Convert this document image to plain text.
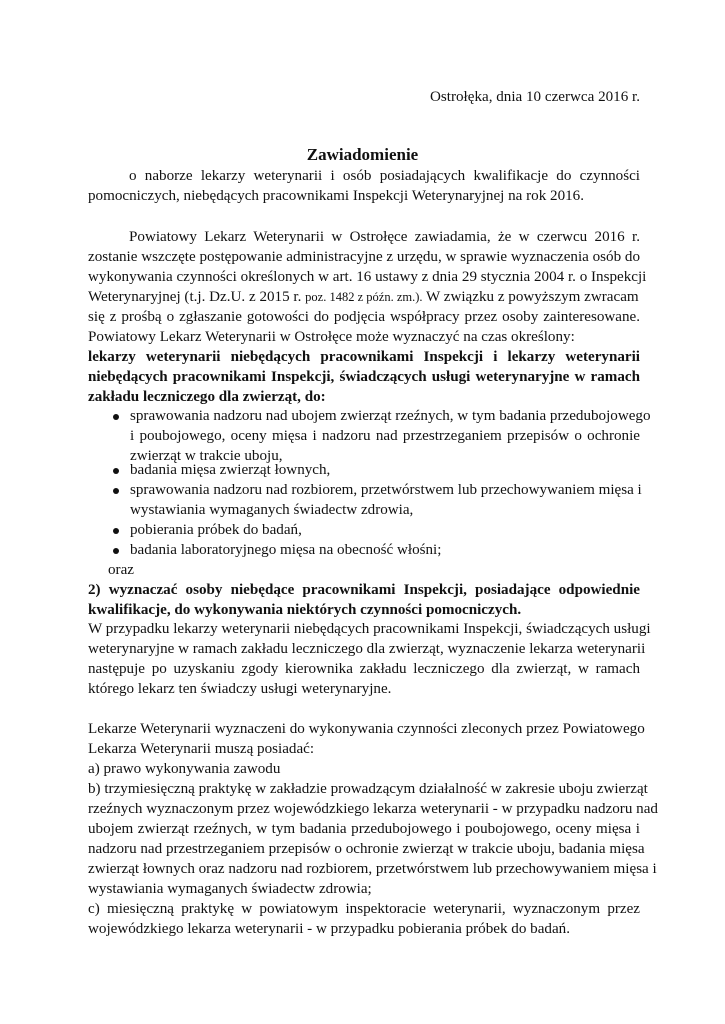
Ostrołęka, dnia 10 czerwca 2016 r.
Zawiadomienie
o naborze lekarzy weterynarii i osób posiadających kwalifikacje do czynności
pomocniczych, niebędących pracownikami Inspekcji Weterynaryjnej na rok 2016.
Powiatowy Lekarz Weterynarii w Ostrołęce zawiadamia, że w czerwcu 2016 r.
zostanie wszczęte postępowanie administracyjne z urzędu, w sprawie wyznaczenia osób do
wykonywania czynności określonych w art. 16 ustawy z dnia 29 stycznia 2004 r. o Inspekcji
Weterynaryjnej (t.j. Dz.U. z 2015 r. poz. 1482 z późn. zm.). W związku z powyższym zwracam
się z prośbą o zgłaszanie gotowości do podjęcia współpracy przez osoby zainteresowane.
Powiatowy Lekarz Weterynarii w Ostrołęce może wyznaczyć na czas określony:
lekarzy weterynarii niebędących pracownikami Inspekcji i lekarzy weterynarii
niebędących pracownikami Inspekcji, świadczących usługi weterynaryjne w ramach
zakładu leczniczego dla zwierząt, do:
sprawowania nadzoru nad ubojem zwierząt rzeźnych, w tym badania przedubojowego
i poubojowego, oceny mięsa i nadzoru nad przestrzeganiem przepisów o ochronie
zwierząt w trakcie uboju,
badania mięsa zwierząt łownych,
sprawowania nadzoru nad rozbiorem, przetwórstwem lub przechowywaniem mięsa i
wystawiania wymaganych świadectw zdrowia,
pobierania próbek do badań,
badania laboratoryjnego mięsa na obecność włośni;
oraz
2) wyznaczać osoby niebędące pracownikami Inspekcji, posiadające odpowiednie
kwalifikacje, do wykonywania niektórych czynności pomocniczych.
W przypadku lekarzy weterynarii niebędących pracownikami Inspekcji, świadczących usługi
weterynaryjne w ramach zakładu leczniczego dla zwierząt, wyznaczenie lekarza weterynarii
następuje po uzyskaniu zgody kierownika zakładu leczniczego dla zwierząt, w ramach
którego lekarz ten świadczy usługi weterynaryjne.
Lekarze Weterynarii wyznaczeni do wykonywania czynności zleconych przez Powiatowego
Lekarza Weterynarii muszą posiadać:
a) prawo wykonywania zawodu
b) trzymiesięczną praktykę w zakładzie prowadzącym działalność w zakresie uboju zwierząt
rzeźnych wyznaczonym przez wojewódzkiego lekarza weterynarii - w przypadku nadzoru nad
ubojem zwierząt rzeźnych, w tym badania przedubojowego i poubojowego, oceny mięsa i
nadzoru nad przestrzeganiem przepisów o ochronie zwierząt w trakcie uboju, badania mięsa
zwierząt łownych oraz nadzoru nad rozbiorem, przetwórstwem lub przechowywaniem mięsa i
wystawiania wymaganych świadectw zdrowia;
c) miesięczną praktykę w powiatowym inspektoracie weterynarii, wyznaczonym przez
wojewódzkiego lekarza weterynarii - w przypadku pobierania próbek do badań.
